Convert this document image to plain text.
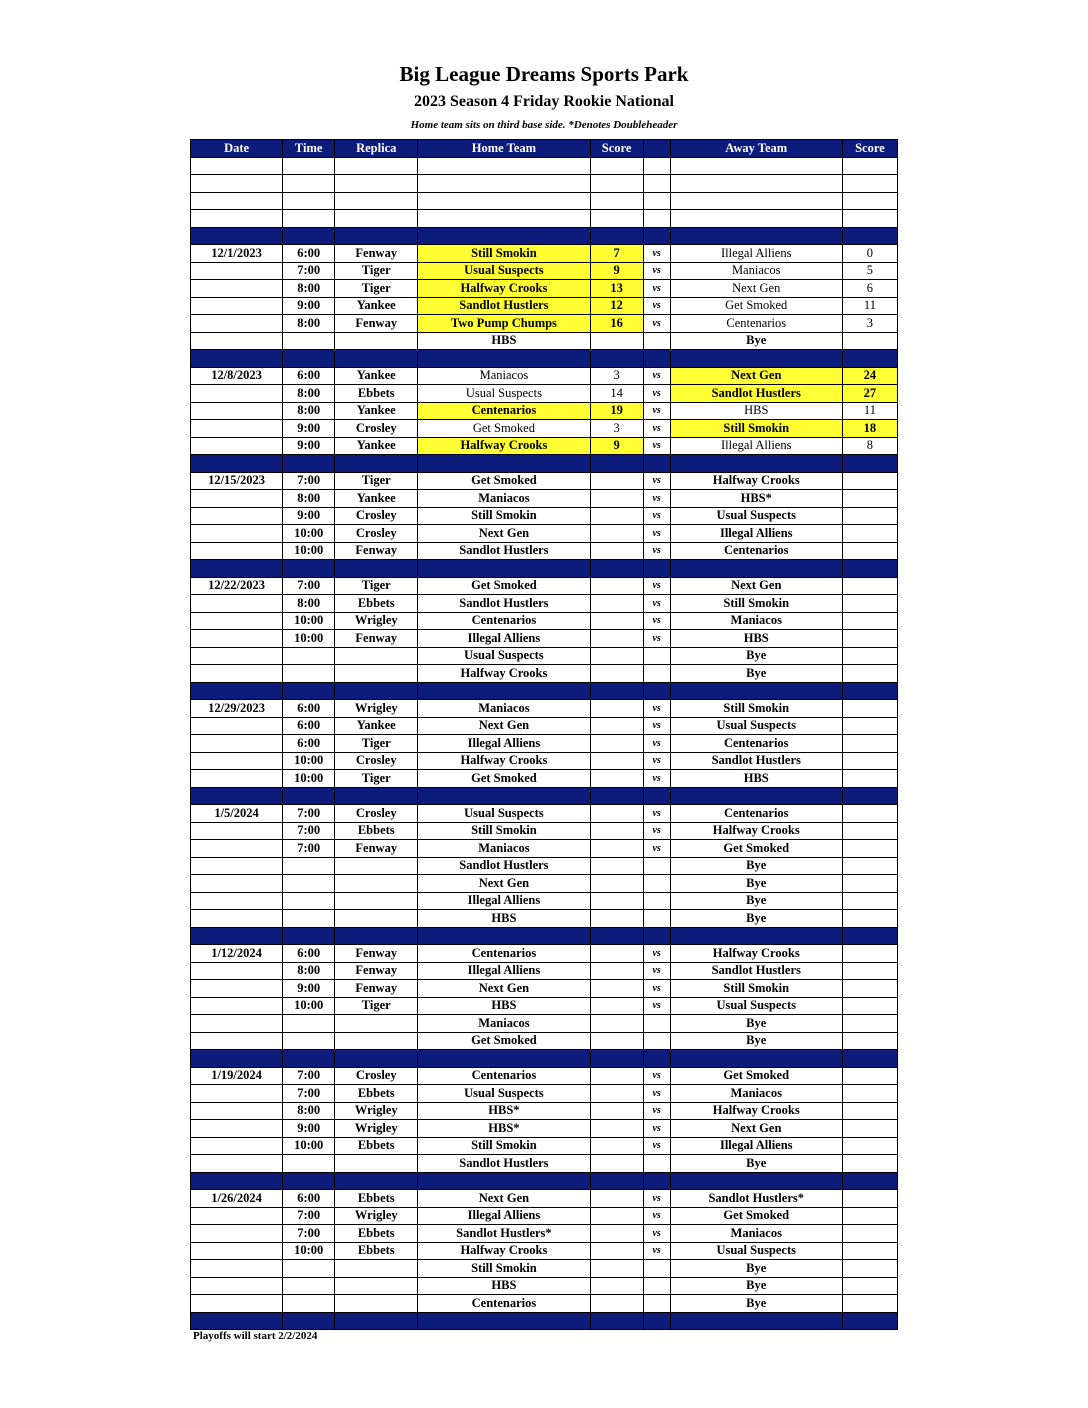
Big League Dreams Sports Park
2023 Season 4 Friday Rookie National
Home team sits on third base side. *Denotes Doubleheader
Date	Time	Replica	Home Team	Score		Away Team	Score

12/1/2023	6:00	Fenway	Still Smokin	7	vs	Illegal Alliens	0
	7:00	Tiger	Usual Suspects	9	vs	Maniacos	5
	8:00	Tiger	Halfway Crooks	13	vs	Next Gen	6
	9:00	Yankee	Sandlot Hustlers	12	vs	Get Smoked	11
	8:00	Fenway	Two Pump Chumps	16	vs	Centenarios	3
			HBS			Bye	

12/8/2023	6:00	Yankee	Maniacos	3	vs	Next Gen	24
	8:00	Ebbets	Usual Suspects	14	vs	Sandlot Hustlers	27
	8:00	Yankee	Centenarios	19	vs	HBS	11
	9:00	Crosley	Get Smoked	3	vs	Still Smokin	18
	9:00	Yankee	Halfway Crooks	9	vs	Illegal Alliens	8

12/15/2023	7:00	Tiger	Get Smoked		vs	Halfway Crooks	
	8:00	Yankee	Maniacos		vs	HBS*	
	9:00	Crosley	Still Smokin		vs	Usual Suspects	
	10:00	Crosley	Next Gen		vs	Illegal Alliens	
	10:00	Fenway	Sandlot Hustlers		vs	Centenarios	

12/22/2023	7:00	Tiger	Get Smoked		vs	Next Gen	
	8:00	Ebbets	Sandlot Hustlers		vs	Still Smokin	
	10:00	Wrigley	Centenarios		vs	Maniacos	
	10:00	Fenway	Illegal Alliens		vs	HBS	
			Usual Suspects			Bye	
			Halfway Crooks			Bye	

12/29/2023	6:00	Wrigley	Maniacos		vs	Still Smokin	
	6:00	Yankee	Next Gen		vs	Usual Suspects	
	6:00	Tiger	Illegal Alliens		vs	Centenarios	
	10:00	Crosley	Halfway Crooks		vs	Sandlot Hustlers	
	10:00	Tiger	Get Smoked		vs	HBS	

1/5/2024	7:00	Crosley	Usual Suspects		vs	Centenarios	
	7:00	Ebbets	Still Smokin		vs	Halfway Crooks	
	7:00	Fenway	Maniacos		vs	Get Smoked	
			Sandlot Hustlers			Bye	
			Next Gen			Bye	
			Illegal Alliens			Bye	
			HBS			Bye	

1/12/2024	6:00	Fenway	Centenarios		vs	Halfway Crooks	
	8:00	Fenway	Illegal Alliens		vs	Sandlot Hustlers	
	9:00	Fenway	Next Gen		vs	Still Smokin	
	10:00	Tiger	HBS		vs	Usual Suspects	
			Maniacos			Bye	
			Get Smoked			Bye	

1/19/2024	7:00	Crosley	Centenarios		vs	Get Smoked	
	7:00	Ebbets	Usual Suspects		vs	Maniacos	
	8:00	Wrigley	HBS*		vs	Halfway Crooks	
	9:00	Wrigley	HBS*		vs	Next Gen	
	10:00	Ebbets	Still Smokin		vs	Illegal Alliens	
			Sandlot Hustlers			Bye	

1/26/2024	6:00	Ebbets	Next Gen		vs	Sandlot Hustlers*	
	7:00	Wrigley	Illegal Alliens		vs	Get Smoked	
	7:00	Ebbets	Sandlot Hustlers*		vs	Maniacos	
	10:00	Ebbets	Halfway Crooks		vs	Usual Suspects	
			Still Smokin			Bye	
			HBS			Bye	
			Centenarios			Bye	

Playoffs will start 2/2/2024
